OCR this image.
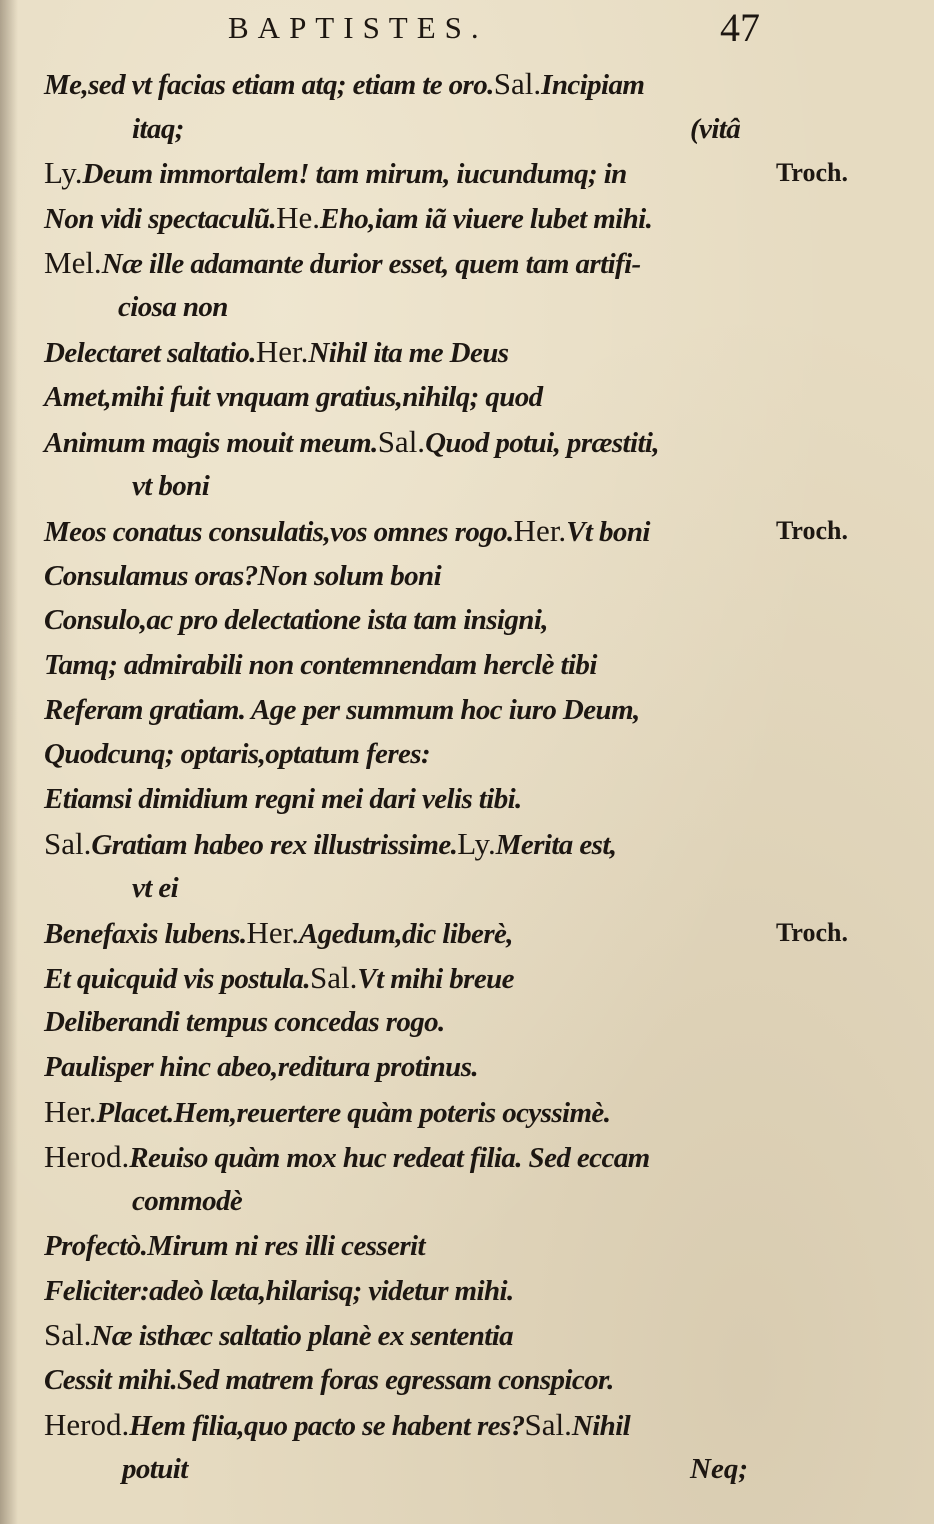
BAPTISTES.	47
Me,sed vt facias etiam atq; etiam te oro.Sal.Incipiam
itaq;	(vitâ
Ly.Deum immortalem! tam mirum, iucundumq; in	Troch.
Non vidi spectaculũ.He.Eho,iam iã viuere lubet mihi.
Mel.Næ ille adamante durior esset, quem tam artifi-
ciosa non
Delectaret saltatio.Her.Nihil ita me Deus
Amet,mihi fuit vnquam gratius,nihilq; quod
Animum magis mouit meum.Sal.Quod potui, præstiti,
vt boni
Meos conatus consulatis,vos omnes rogo.Her.Vt boni	Troch.
Consulamus oras?Non solum boni
Consulo,ac pro delectatione ista tam insigni,
Tamq; admirabili non contemnendam herclè tibi
Referam gratiam. Age per summum hoc iuro Deum,
Quodcunq; optaris,optatum feres:
Etiamsi dimidium regni mei dari velis tibi.
Sal.Gratiam habeo rex illustrissime.Ly.Merita est,
vt ei
Benefaxis lubens.Her.Agedum,dic liberè,	Troch.
Et quicquid vis postula.Sal.Vt mihi breue
Deliberandi tempus concedas rogo.
Paulisper hinc abeo,reditura protinus.
Her.Placet.Hem,reuertere quàm poteris ocyssimè.
Herod.Reuiso quàm mox huc redeat filia. Sed eccam
commodè
Profectò.Mirum ni res illi cesserit
Feliciter:adeò læta,hilarisq; videtur mihi.
Sal.Næ isthæc saltatio planè ex sententia
Cessit mihi.Sed matrem foras egressam conspicor.
Herod.Hem filia,quo pacto se habent res?Sal.Nihil
potuit	Neq;
